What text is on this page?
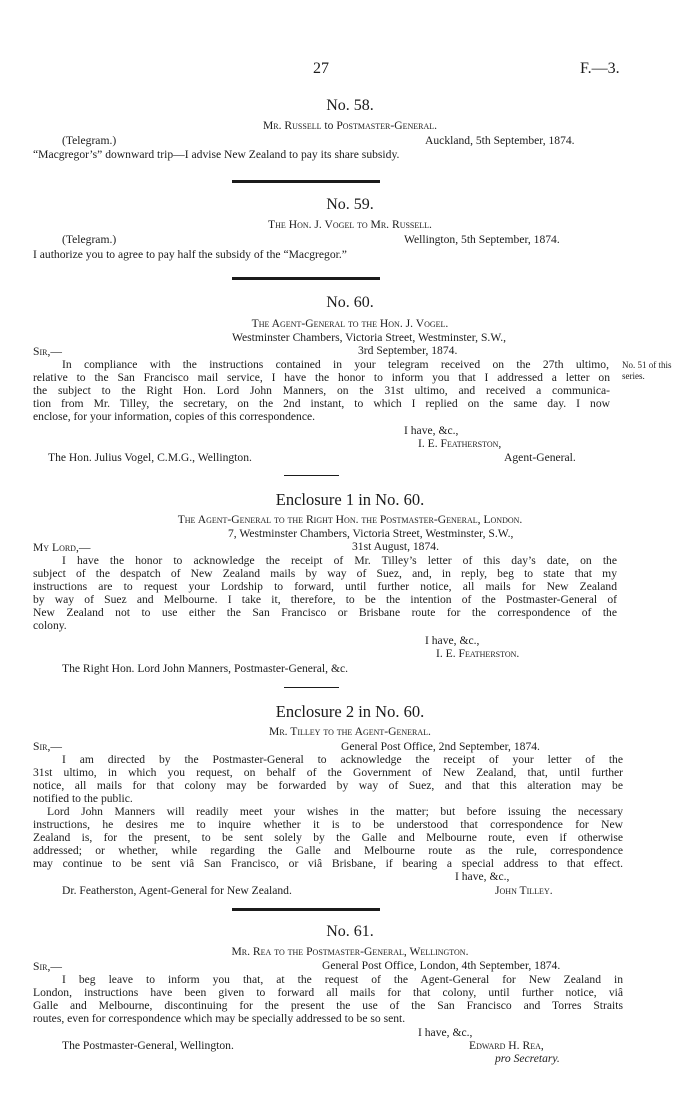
27	F.—3.
No. 58.
Mr. Russell to Postmaster-General.
(Telegram.)	Auckland, 5th September, 1874.
“Macgregor’s” downward trip—I advise New Zealand to pay its share subsidy.
No. 59.
The Hon. J. Vogel to Mr. Russell.
(Telegram.)	Wellington, 5th September, 1874.
I authorize you to agree to pay half the subsidy of the “Macgregor.”
No. 60.
The Agent-General to the Hon. J. Vogel.
Westminster Chambers, Victoria Street, Westminster, S.W.,
3rd September, 1874.
Sir,—
In compliance with the instructions contained in your telegram received on the 27th ultimo,
relative to the San Francisco mail service, I have the honor to inform you that I addressed a letter on
the subject to the Right Hon. Lord John Manners, on the 31st ultimo, and received a communica-
tion from Mr. Tilley, the secretary, on the 2nd instant, to which I replied on the same day. I now
enclose, for your information, copies of this correspondence.
No. 51 of this
series.
I have, &c.,
I. E. Featherston,
The Hon. Julius Vogel, C.M.G., Wellington.	Agent-General.
Enclosure 1 in No. 60.
The Agent-General to the Right Hon. the Postmaster-General, London.
7, Westminster Chambers, Victoria Street, Westminster, S.W.,
31st August, 1874.
My Lord,—
I have the honor to acknowledge the receipt of Mr. Tilley’s letter of this day’s date, on the
subject of the despatch of New Zealand mails by way of Suez, and, in reply, beg to state that my
instructions are to request your Lordship to forward, until further notice, all mails for New Zealand
by way of Suez and Melbourne. I take it, therefore, to be the intention of the Postmaster-General of
New Zealand not to use either the San Francisco or Brisbane route for the correspondence of the
colony.
I have, &c.,
I. E. Featherston.
The Right Hon. Lord John Manners, Postmaster-General, &c.
Enclosure 2 in No. 60.
Mr. Tilley to the Agent-General.
General Post Office, 2nd September, 1874.
Sir,—
I am directed by the Postmaster-General to acknowledge the receipt of your letter of the
31st ultimo, in which you request, on behalf of the Government of New Zealand, that, until further
notice, all mails for that colony may be forwarded by way of Suez, and that this alteration may be
notified to the public.
Lord John Manners will readily meet your wishes in the matter; but before issuing the necessary
instructions, he desires me to inquire whether it is to be understood that correspondence for New
Zealand is, for the present, to be sent solely by the Galle and Melbourne route, even if otherwise
addressed; or whether, while regarding the Galle and Melbourne route as the rule, correspondence
may continue to be sent viâ San Francisco, or viâ Brisbane, if bearing a special address to that effect.
I have, &c.,
Dr. Featherston, Agent-General for New Zealand.	John Tilley.
No. 61.
Mr. Rea to the Postmaster-General, Wellington.
General Post Office, London, 4th September, 1874.
Sir,—
I beg leave to inform you that, at the request of the Agent-General for New Zealand in
London, instructions have been given to forward all mails for that colony, until further notice, viâ
Galle and Melbourne, discontinuing for the present the use of the San Francisco and Torres Straits
routes, even for correspondence which may be specially addressed to be so sent.
I have, &c.,
The Postmaster-General, Wellington.	Edward H. Rea,
pro Secretary.
